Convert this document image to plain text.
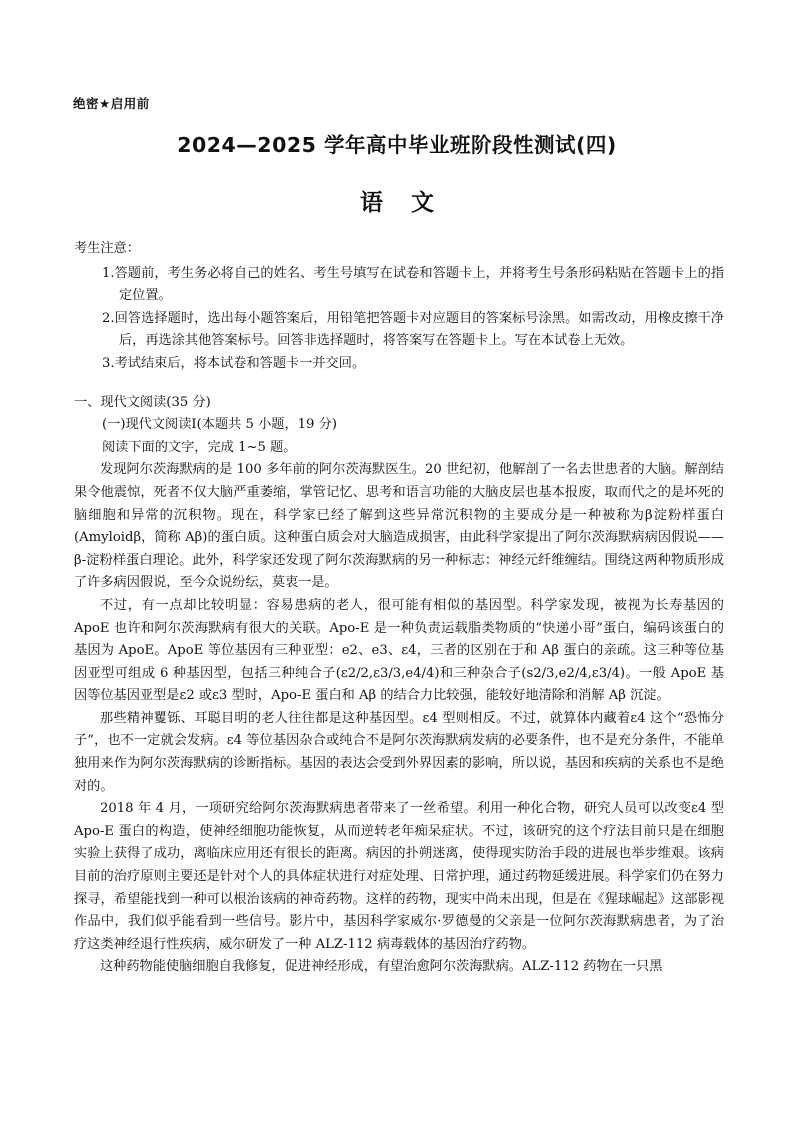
绝密★启用前
2024—2025 学年高中毕业班阶段性测试(四)
语文

考生注意：

1.答题前，考生务必将自己的姓名、考生号填写在试卷和答题卡上，并将考生号条形码粘贴在答题卡上的指定位置。

2.回答选择题时，选出每小题答案后，用铅笔把答题卡对应题目的答案标号涂黑。如需改动，用橡皮擦干净后，再选涂其他答案标号。回答非选择题时，将答案写在答题卡上。写在本试卷上无效。

3.考试结束后，将本试卷和答题卡一并交回。

一、现代文阅读(35 分)

(一)现代文阅读Ⅰ(本题共 5 小题，19 分)

阅读下面的文字，完成 1~5 题。

发现阿尔茨海默病的是 100 多年前的阿尔茨海默医生。20 世纪初，他解剖了一名去世患者的大脑。解剖结果令他震惊，死者不仅大脑严重萎缩，掌管记忆、思考和语言功能的大脑皮层也基本报废，取而代之的是坏死的脑细胞和异常的沉积物。现在，科学家已经了解到这些异常沉积物的主要成分是一种被称为β淀粉样蛋白(Amyloidβ，简称 Aβ)的蛋白质。这种蛋白质会对大脑造成损害，由此科学家提出了阿尔茨海默病病因假说——β-淀粉样蛋白理论。此外，科学家还发现了阿尔茨海默病的另一种标志：神经元纤维缠结。围绕这两种物质形成了许多病因假说，至今众说纷纭，莫衷一是。

不过，有一点却比较明显：容易患病的老人，很可能有相似的基因型。科学家发现，被视为长寿基因的 ApoE 也许和阿尔茨海默病有很大的关联。Apo-E 是一种负责运载脂类物质的“快递小哥”蛋白，编码该蛋白的基因为 ApoE。ApoE 等位基因有三种亚型：e2、e3、ε4，三者的区别在于和 Aβ 蛋白的亲疏。这三种等位基因亚型可组成 6 种基因型，包括三种纯合子(ε2/2,ε3/3,e4/4)和三种杂合子(s2/3,e2/4,ε3/4)。一般 ApoE 基因等位基因亚型是ε2 或ε3 型时，Apo-E 蛋白和 Aβ 的结合力比较强，能较好地清除和消解 Aβ 沉淀。

那些精神矍铄、耳聪目明的老人往往都是这种基因型。ε4 型则相反。不过，就算体内藏着ε4 这个“恐怖分子”，也不一定就会发病。ε4 等位基因杂合或纯合不是阿尔茨海默病发病的必要条件，也不是充分条件，不能单独用来作为阿尔茨海默病的诊断指标。基因的表达会受到外界因素的影响，所以说，基因和疾病的关系也不是绝对的。

2018 年 4 月，一项研究给阿尔茨海默病患者带来了一丝希望。利用一种化合物，研究人员可以改变ε4 型 Apo-E 蛋白的构造，使神经细胞功能恢复，从而逆转老年痴呆症状。不过，该研究的这个疗法目前只是在细胞实验上获得了成功，离临床应用还有很长的距离。病因的扑朔迷离，使得现实防治手段的进展也举步维艰。该病目前的治疗原则主要还是针对个人的具体症状进行对症处理、日常护理，通过药物延缓进展。科学家们仍在努力探寻，希望能找到一种可以根治该病的神奇药物。这样的药物，现实中尚未出现，但是在《猩球崛起》这部影视作品中，我们似乎能看到一些信号。影片中，基因科学家威尔·罗德曼的父亲是一位阿尔茨海默病患者，为了治疗这类神经退行性疾病，威尔研发了一种 ALZ-112 病毒载体的基因治疗药物。

这种药物能使脑细胞自我修复，促进神经形成，有望治愈阿尔茨海默病。ALZ-112 药物在一只黑
